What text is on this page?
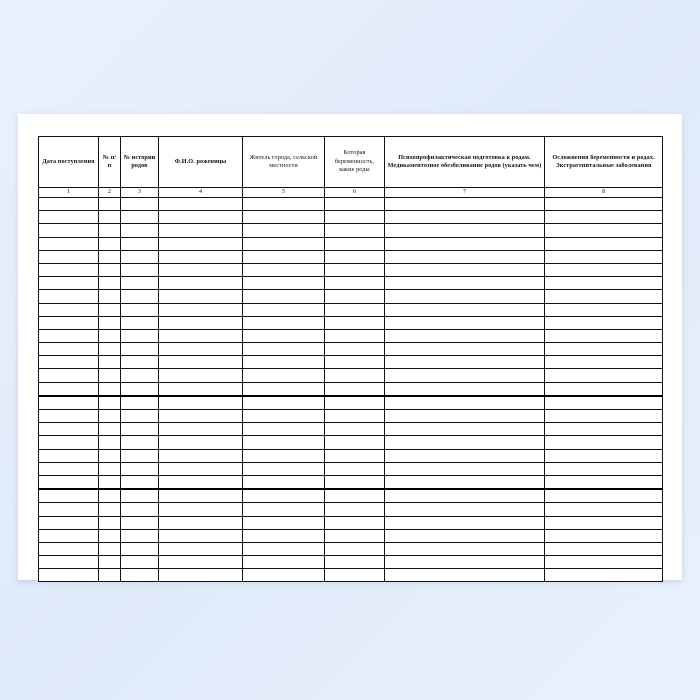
Дата поступления	№ п/п	№ истории родов	Ф.И.О. роженицы	Житель города, сельской местности	Которая беременность, какие роды	Психопрофилактическая подготовка к родам. Медикаментозное обезболивание родов (указать чем)	Осложнения беременности и родах. Экстрагенитальные заболевания
1	2	3	4	5	6	7	8
